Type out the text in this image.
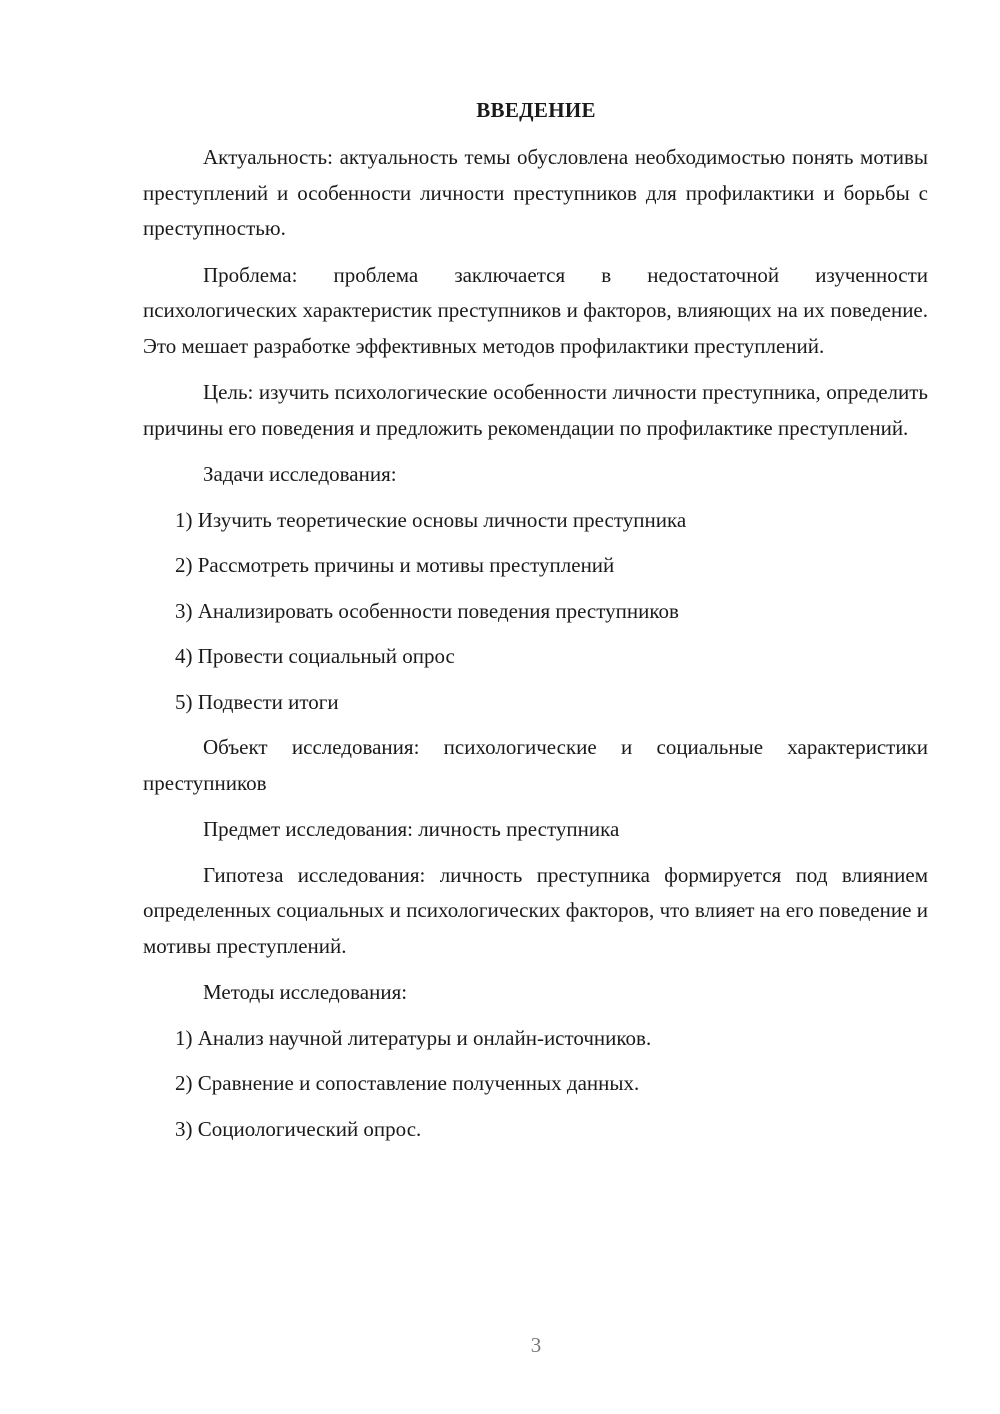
ВВЕДЕНИЕ

Актуальность: актуальность темы обусловлена необходимостью понять мотивы преступлений и особенности личности преступников для профилактики и борьбы с преступностью.

Проблема: проблема заключается в недостаточной изученности психологических характеристик преступников и факторов, влияющих на их поведение. Это мешает разработке эффективных методов профилактики преступлений.

Цель: изучить психологические особенности личности преступника, определить причины его поведения и предложить рекомендации по профилактике преступлений.

Задачи исследования:

1) Изучить теоретические основы личности преступника

2) Рассмотреть причины и мотивы преступлений

3) Анализировать особенности поведения преступников

4) Провести социальный опрос

5) Подвести итоги

Объект исследования: психологические и социальные характеристики преступников

Предмет исследования: личность преступника

Гипотеза исследования: личность преступника формируется под влиянием определенных социальных и психологических факторов, что влияет на его поведение и мотивы преступлений.

Методы исследования:

1) Анализ научной литературы и онлайн-источников.

2) Сравнение и сопоставление полученных данных.

3) Социологический опрос.

3
